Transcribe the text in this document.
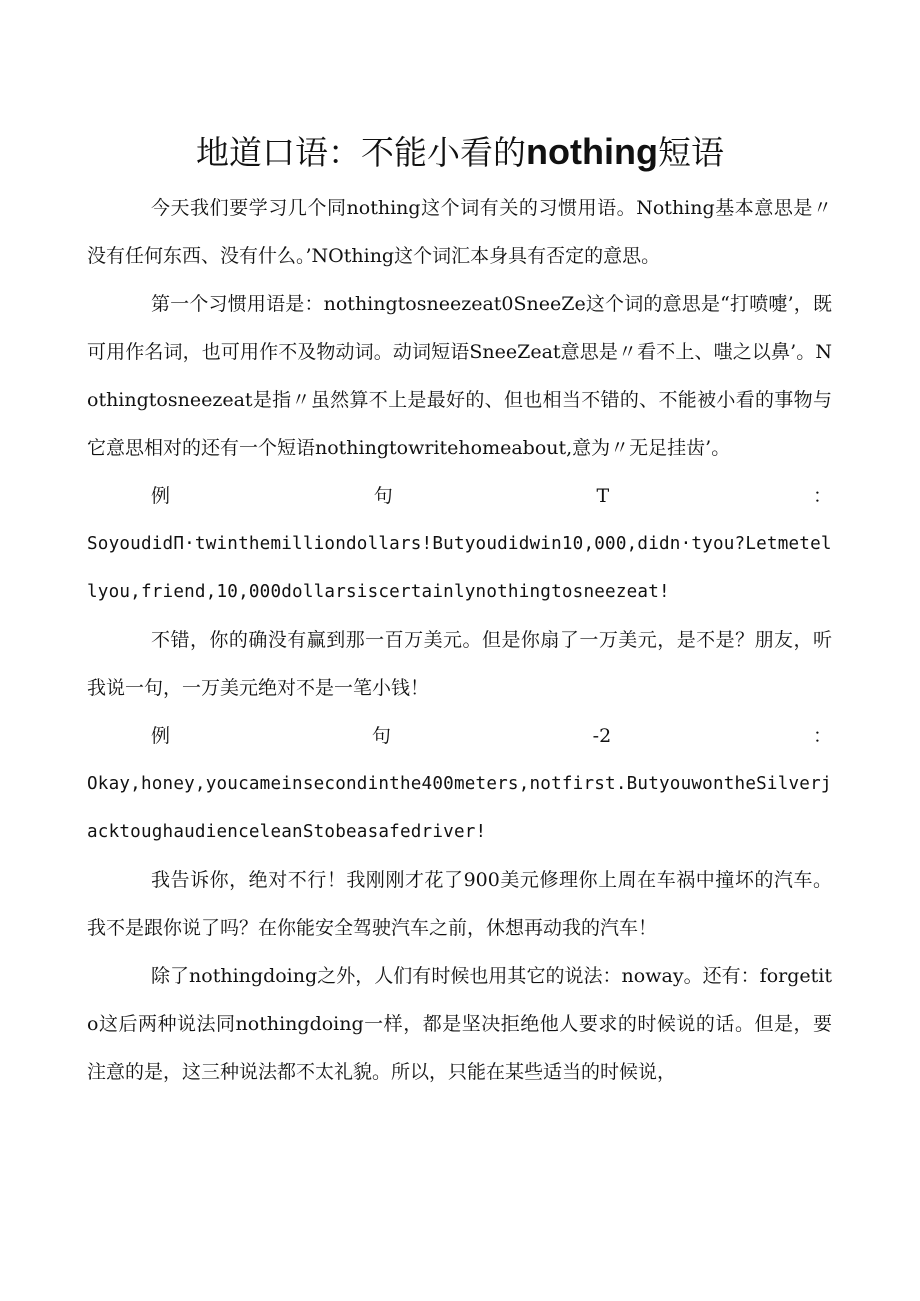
地道口语：不能小看的nothing短语

今天我们要学习几个同nothing这个词有关的习惯用语。Nothing基本意思是〃没有任何东西、没有什么。’NOthing这个词汇本身具有否定的意思。

第一个习惯用语是：nothingtosneezeat0SneeZe这个词的意思是“打喷嚏’，既可用作名词，也可用作不及物动词。动词短语SneeZeat意思是〃看不上、嗤之以鼻’。Nothingtosneezeat是指〃虽然算不上是最好的、但也相当不错的、不能被小看的事物与它意思相对的还有一个短语nothingtowritehomeabout,意为〃无足挂齿’。

例	句	T	：

SoyoudidП·twinthemilliondollars!Butyoudidwin10,000,didn·tyou?Letmetellyou,friend,10,000dollarsiscertainlynothingtosneezeat!

不错，你的确没有赢到那一百万美元。但是你扇了一万美元，是不是？朋友，听我说一句，一万美元绝对不是一笔小钱！

例	句	-2	：

Okay,honey,youcameinsecondinthe400meters,notfirst.ButyouwontheSilverjacktoughaudienceleanStobeasafedriver!

我告诉你，绝对不行！我刚刚才花了900美元修理你上周在车祸中撞坏的汽车。我不是跟你说了吗？在你能安全驾驶汽车之前，休想再动我的汽车！

除了nothingdoing之外，人们有时候也用其它的说法：noway。还有：forgetito这后两种说法同nothingdoing一样，都是坚决拒绝他人要求的时候说的话。但是，要注意的是，这三种说法都不太礼貌。所以，只能在某些适当的时候说，
